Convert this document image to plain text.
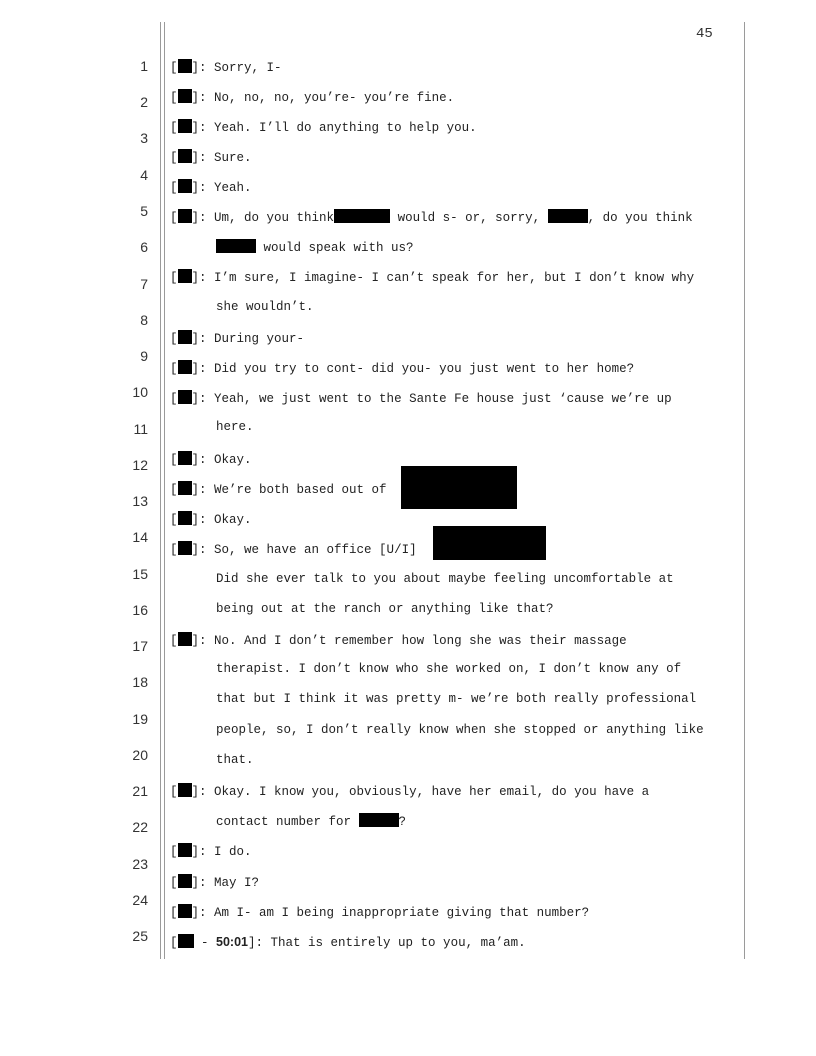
45
1
2
3
4
5
6
7
8
9
10
11
12
13
14
15
16
17
18
19
20
21
22
23
24
25
[ ]: Sorry, I-
[ ]: No, no, no, you’re- you’re fine.
[ ]: Yeah. I’ll do anything to help you.
[ ]: Sure.
[ ]: Yeah.
[ ]: Um, do you think	would s- or, sorry,	, do you think
would speak with us?
[ ]: I’m sure, I imagine- I can’t speak for her, but I don’t know why
she wouldn’t.
[ ]: During your-
[ ]: Did you try to cont- did you- you just went to her home?
[ ]: Yeah, we just went to the Sante Fe house just ‘cause we’re up
here.
[ ]: Okay.
[ ]: We’re both based out of
[ ]: Okay.
[ ]: So, we have an office [U/I]
Did she ever talk to you about maybe feeling uncomfortable at
being out at the ranch or anything like that?
[ ]: No. And I don’t remember how long she was their massage
therapist. I don’t know who she worked on, I don’t know any of
that but I think it was pretty m- we’re both really professional
people, so, I don’t really know when she stopped or anything like
that.
[ ]: Okay. I know you, obviously, have her email, do you have a
contact number for	?
[ ]: I do.
[ ]: May I?
[ ]: Am I- am I being inappropriate giving that number?
[ - 50:01]: That is entirely up to you, ma’am.
